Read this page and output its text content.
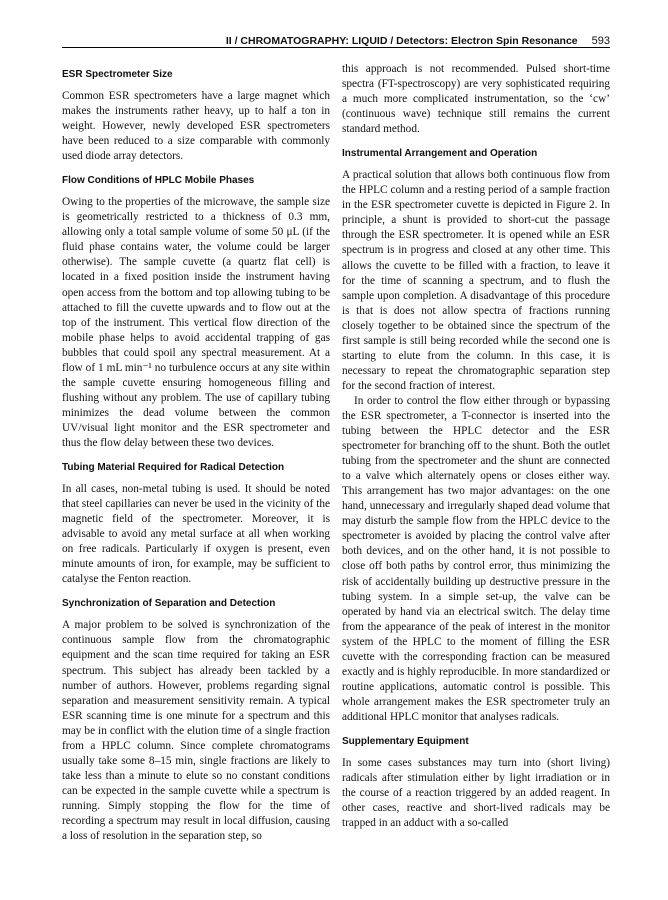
II / CHROMATOGRAPHY: LIQUID / Detectors: Electron Spin Resonance 593
ESR Spectrometer Size

Common ESR spectrometers have a large magnet which makes the instruments rather heavy, up to half a ton in weight. However, newly developed ESR spectrometers have been reduced to a size comparable with commonly used diode array detectors.

Flow Conditions of HPLC Mobile Phases

Owing to the properties of the microwave, the sample size is geometrically restricted to a thickness of 0.3 mm, allowing only a total sample volume of some 50 μL (if the fluid phase contains water, the volume could be larger otherwise). The sample cuvette (a quartz flat cell) is located in a fixed position inside the instrument having open access from the bottom and top allowing tubing to be attached to fill the cuvette upwards and to flow out at the top of the instrument. This vertical flow direction of the mobile phase helps to avoid accidental trapping of gas bubbles that could spoil any spectral measurement. At a flow of 1 mL min⁻¹ no turbulence occurs at any site within the sample cuvette ensuring homogeneous filling and flushing without any problem. The use of capillary tubing minimizes the dead volume between the common UV/visual light monitor and the ESR spectrometer and thus the flow delay between these two devices.

Tubing Material Required for Radical Detection

In all cases, non-metal tubing is used. It should be noted that steel capillaries can never be used in the vicinity of the magnetic field of the spectrometer. Moreover, it is advisable to avoid any metal surface at all when working on free radicals. Particularly if oxygen is present, even minute amounts of iron, for example, may be sufficient to catalyse the Fenton reaction.

Synchronization of Separation and Detection

A major problem to be solved is synchronization of the continuous sample flow from the chromatographic equipment and the scan time required for taking an ESR spectrum. This subject has already been tackled by a number of authors. However, problems regarding signal separation and measurement sensitivity remain. A typical ESR scanning time is one minute for a spectrum and this may be in conflict with the elution time of a single fraction from a HPLC column. Since complete chromatograms usually take some 8–15 min, single fractions are likely to take less than a minute to elute so no constant conditions can be expected in the sample cuvette while a spectrum is running. Simply stopping the flow for the time of recording a spectrum may result in local diffusion, causing a loss of resolution in the separation step, so

this approach is not recommended. Pulsed short-time spectra (FT-spectroscopy) are very sophisticated requiring a much more complicated instrumentation, so the ‘cw’ (continuous wave) technique still remains the current standard method.

Instrumental Arrangement and Operation

A practical solution that allows both continuous flow from the HPLC column and a resting period of a sample fraction in the ESR spectrometer cuvette is depicted in Figure 2. In principle, a shunt is provided to short-cut the passage through the ESR spectrometer. It is opened while an ESR spectrum is in progress and closed at any other time. This allows the cuvette to be filled with a fraction, to leave it for the time of scanning a spectrum, and to flush the sample upon completion. A disadvantage of this procedure is that is does not allow spectra of fractions running closely together to be obtained since the spectrum of the first sample is still being recorded while the second one is starting to elute from the column. In this case, it is necessary to repeat the chromatographic separation step for the second fraction of interest.

In order to control the flow either through or bypassing the ESR spectrometer, a T-connector is inserted into the tubing between the HPLC detector and the ESR spectrometer for branching off to the shunt. Both the outlet tubing from the spectrometer and the shunt are connected to a valve which alternately opens or closes either way. This arrangement has two major advantages: on the one hand, unnecessary and irregularly shaped dead volume that may disturb the sample flow from the HPLC device to the spectrometer is avoided by placing the control valve after both devices, and on the other hand, it is not possible to close off both paths by control error, thus minimizing the risk of accidentally building up destructive pressure in the tubing system. In a simple set-up, the valve can be operated by hand via an electrical switch. The delay time from the appearance of the peak of interest in the monitor system of the HPLC to the moment of filling the ESR cuvette with the corresponding fraction can be measured exactly and is highly reproducible. In more standardized or routine applications, automatic control is possible. This whole arrangement makes the ESR spectrometer truly an additional HPLC monitor that analyses radicals.

Supplementary Equipment

In some cases substances may turn into (short living) radicals after stimulation either by light irradiation or in the course of a reaction triggered by an added reagent. In other cases, reactive and short-lived radicals may be trapped in an adduct with a so-called
